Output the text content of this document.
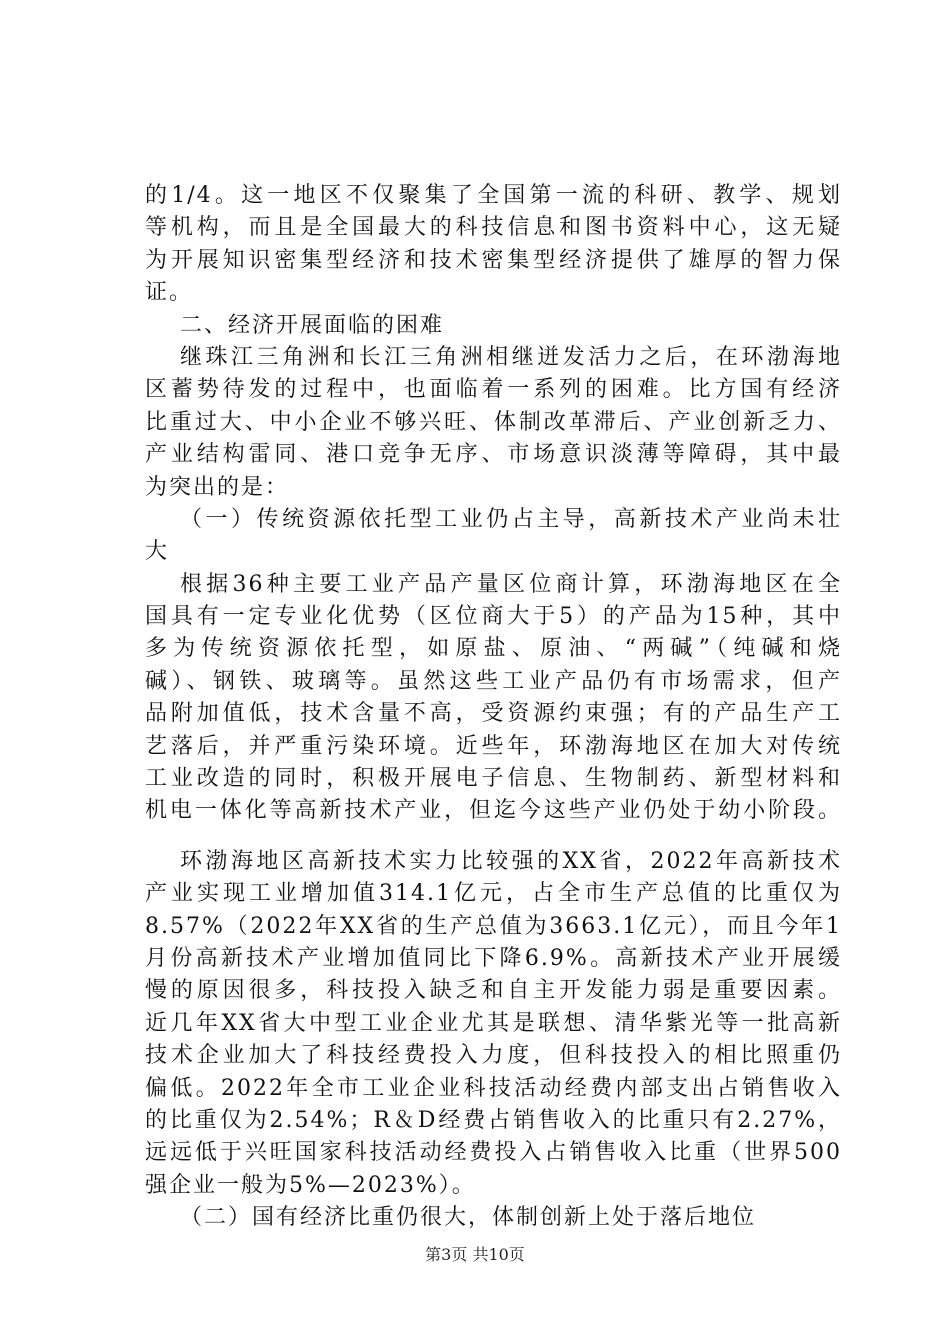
的1/4。这一地区不仅聚集了全国第一流的科研、教学、规划
等机构，而且是全国最大的科技信息和图书资料中心，这无疑
为开展知识密集型经济和技术密集型经济提供了雄厚的智力保
证。
二、经济开展面临的困难
继珠江三角洲和长江三角洲相继迸发活力之后，在环渤海地
区蓄势待发的过程中，也面临着一系列的困难。比方国有经济
比重过大、中小企业不够兴旺、体制改革滞后、产业创新乏力、
产业结构雷同、港口竞争无序、市场意识淡薄等障碍，其中最
为突出的是：
（一）传统资源依托型工业仍占主导，高新技术产业尚未壮
大
根据36种主要工业产品产量区位商计算，环渤海地区在全
国具有一定专业化优势（区位商大于5）的产品为15种，其中
多为传统资源依托型，如原盐、原油、“两碱”（纯碱和烧
碱）、钢铁、玻璃等。虽然这些工业产品仍有市场需求，但产
品附加值低，技术含量不高，受资源约束强；有的产品生产工
艺落后，并严重污染环境。近些年，环渤海地区在加大对传统
工业改造的同时，积极开展电子信息、生物制药、新型材料和
机电一体化等高新技术产业，但迄今这些产业仍处于幼小阶段。
环渤海地区高新技术实力比较强的XX省，2022年高新技术
产业实现工业增加值314.1亿元，占全市生产总值的比重仅为
8.57%（2022年XX省的生产总值为3663.1亿元），而且今年1
月份高新技术产业增加值同比下降6.9%。高新技术产业开展缓
慢的原因很多，科技投入缺乏和自主开发能力弱是重要因素。
近几年XX省大中型工业企业尤其是联想、清华紫光等一批高新
技术企业加大了科技经费投入力度，但科技投入的相比照重仍
偏低。2022年全市工业企业科技活动经费内部支出占销售收入
的比重仅为2.54%；R＆D经费占销售收入的比重只有2.27%，
远远低于兴旺国家科技活动经费投入占销售收入比重（世界500
强企业一般为5%—2023%）。
（二）国有经济比重仍很大，体制创新上处于落后地位
第3页 共10页
